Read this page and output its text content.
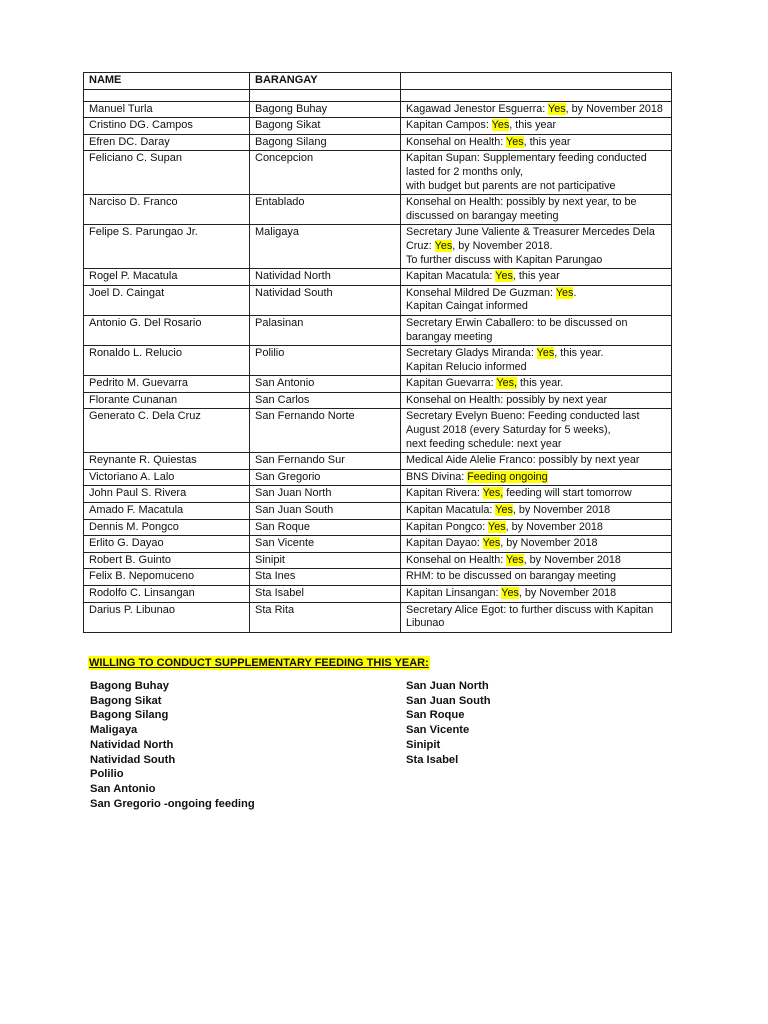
NAME	BARANGAY	

Manuel Turla	Bagong Buhay	Kagawad Jenestor Esguerra: Yes, by November 2018
Cristino DG. Campos	Bagong Sikat	Kapitan Campos: Yes, this year
Efren DC. Daray	Bagong Silang	Konsehal on Health: Yes, this year
Feliciano C. Supan	Concepcion	Kapitan Supan: Supplementary feeding conducted lasted for 2 months only,
with budget but parents are not participative
Narciso D. Franco	Entablado	Konsehal on Health: possibly by next year, to be discussed on barangay meeting
Felipe S. Parungao Jr.	Maligaya	Secretary June Valiente & Treasurer Mercedes Dela Cruz: Yes, by November 2018.
To further discuss with Kapitan Parungao
Rogel P. Macatula	Natividad North	Kapitan Macatula: Yes, this year
Joel D. Caingat	Natividad South	Konsehal Mildred De Guzman: Yes.
Kapitan Caingat informed
Antonio G. Del Rosario	Palasinan	Secretary Erwin Caballero: to be discussed on barangay meeting
Ronaldo L. Relucio	Polilio	Secretary Gladys Miranda: Yes, this year.
Kapitan Relucio informed
Pedrito M. Guevarra	San Antonio	Kapitan Guevarra: Yes, this year.
Florante Cunanan	San Carlos	Konsehal on Health: possibly by next year
Generato C. Dela Cruz	San Fernando Norte	Secretary Evelyn Bueno: Feeding conducted last August 2018 (every Saturday for 5 weeks),
next feeding schedule: next year
Reynante R. Quiestas	San Fernando Sur	Medical Aide Alelie Franco: possibly by next year
Victoriano A. Lalo	San Gregorio	BNS Divina: Feeding ongoing
John Paul S. Rivera	San Juan North	Kapitan Rivera: Yes, feeding will start tomorrow
Amado F. Macatula	San Juan South	Kapitan Macatula: Yes, by November 2018
Dennis M. Pongco	San Roque	Kapitan Pongco: Yes, by November 2018
Erlito G. Dayao	San Vicente	Kapitan Dayao: Yes, by November 2018
Robert B. Guinto	Sinipit	Konsehal on Health: Yes, by November 2018
Felix B. Nepomuceno	Sta Ines	RHM: to be discussed on barangay meeting
Rodolfo C. Linsangan	Sta Isabel	Kapitan Linsangan: Yes, by November 2018
Darius P. Libunao	Sta Rita	Secretary Alice Egot: to further discuss with Kapitan Libunao
WILLING TO CONDUCT SUPPLEMENTARY FEEDING THIS YEAR:
Bagong Buhay
Bagong Sikat
Bagong Silang
Maligaya
Natividad North
Natividad South
Polilio
San Antonio
San Gregorio -ongoing feeding
San Juan North
San Juan South
San Roque
San Vicente
Sinipit
Sta Isabel
